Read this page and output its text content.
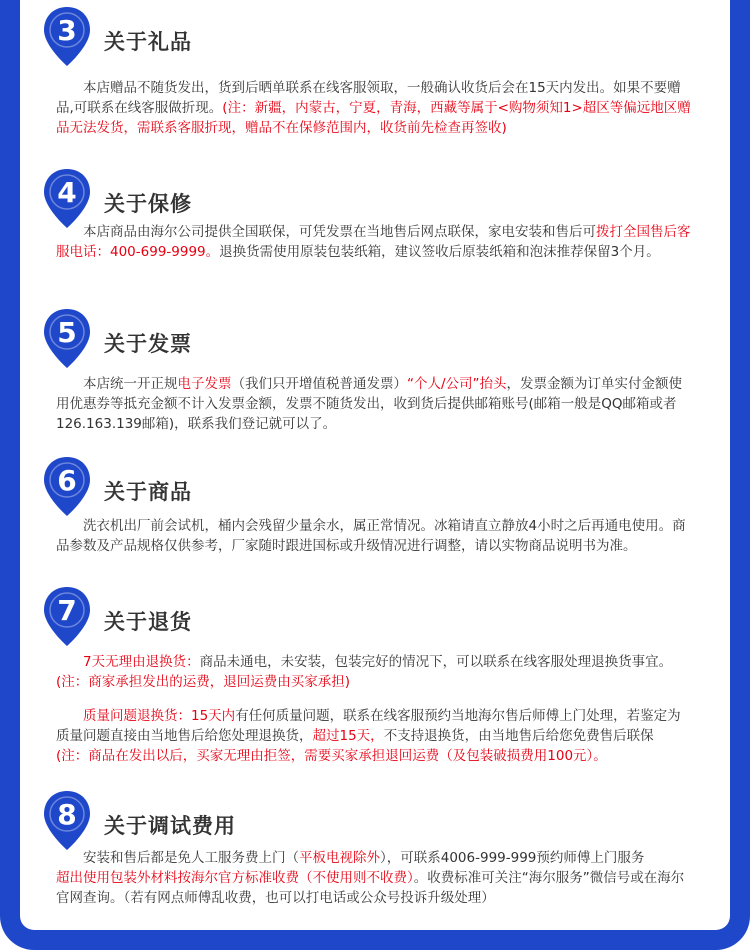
3 关于礼品

本店赠品不随货发出，货到后晒单联系在线客服领取，一般确认收货后会在15天内发出。如果不要赠品,可联系在线客服做折现。(注：新疆，内蒙古，宁夏，青海，西藏等属于<购物须知1>超区等偏远地区赠品无法发货，需联系客服折现，赠品不在保修范围内，收货前先检查再签收)

4 关于保修

本店商品由海尔公司提供全国联保，可凭发票在当地售后网点联保，家电安装和售后可拨打全国售后客服电话：400-699-9999。退换货需使用原装包装纸箱，建议签收后原装纸箱和泡沫推荐保留3个月。

5 关于发票

本店统一开正规电子发票（我们只开增值税普通发票）“个人/公司”抬头，发票金额为订单实付金额使用优惠券等抵充金额不计入发票金额，发票不随货发出，收到货后提供邮箱账号(邮箱一般是QQ邮箱或者126.163.139邮箱)，联系我们登记就可以了。

6 关于商品

洗衣机出厂前会试机，桶内会残留少量余水，属正常情况。冰箱请直立静放4小时之后再通电使用。商品参数及产品规格仅供参考，厂家随时跟进国标或升级情况进行调整，请以实物商品说明书为准。

7 关于退货

7天无理由退换货：商品未通电，未安装，包装完好的情况下，可以联系在线客服处理退换货事宜。

(注：商家承担发出的运费，退回运费由买家承担)

质量问题退换货：15天内有任何质量问题，联系在线客服预约当地海尔售后师傅上门处理，若鉴定为质量问题直接由当地售后给您处理退换货，超过15天，不支持退换货，由当地售后给您免费售后联保

(注：商品在发出以后，买家无理由拒签，需要买家承担退回运费（及包装破损费用100元）。

8 关于调试费用

安装和售后都是免人工服务费上门（平板电视除外），可联系4006-999-999预约师傅上门服务

超出使用包装外材料按海尔官方标准收费（不使用则不收费）。收费标准可关注“海尔服务”微信号或在海尔官网查询。（若有网点师傅乱收费，也可以打电话或公众号投诉升级处理）
